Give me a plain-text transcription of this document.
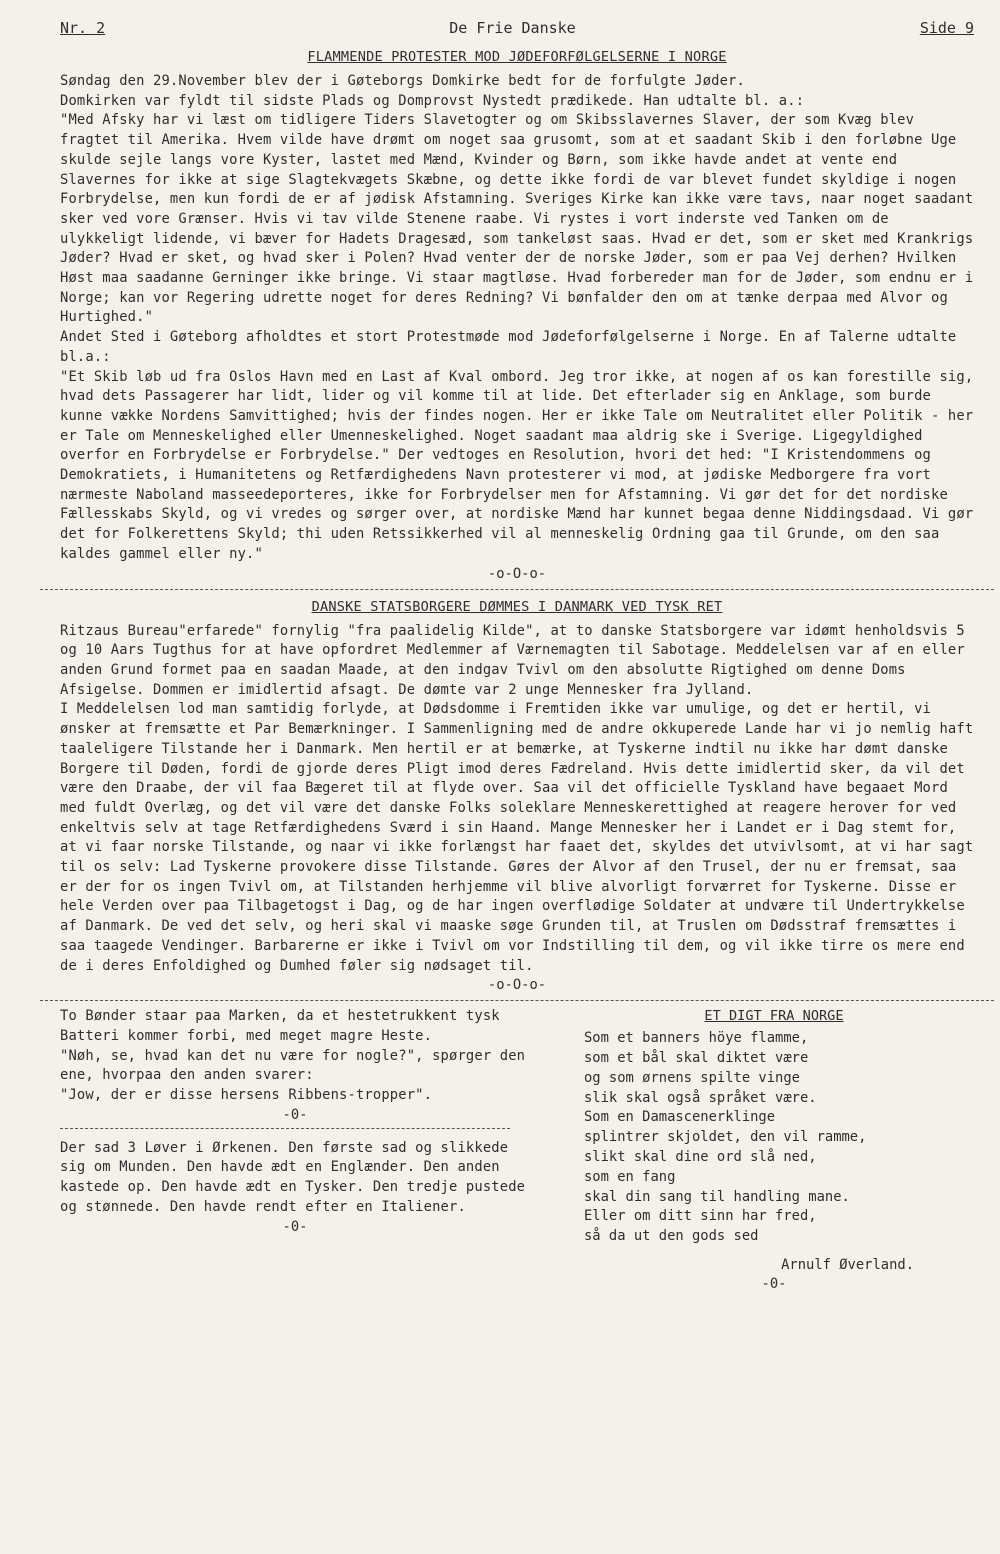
Nr. 2	De Frie Danske	Side 9
FLAMMENDE PROTESTER MOD JØDEFORFØLGELSERNE I NORGE

Søndag den 29.November blev der i Gøteborgs Domkirke bedt for de forfulgte Jøder.
Domkirken var fyldt til sidste Plads og Domprovst Nystedt prædikede. Han udtalte bl. a.:
"Med Afsky har vi læst om tidligere Tiders Slavetogter og om Skibsslavernes Slaver, der som Kvæg blev fragtet til Amerika. Hvem vilde have drømt om noget saa grusomt, som at et saadant Skib i den forløbne Uge skulde sejle langs vore Kyster, lastet med Mænd, Kvinder og Børn, som ikke havde andet at vente end Slavernes for ikke at sige Slagtekvægets Skæbne, og dette ikke fordi de var blevet fundet skyldige i nogen Forbrydelse, men kun fordi de er af jødisk Afstamning. Sveriges Kirke kan ikke være tavs, naar noget saadant sker ved vore Grænser. Hvis vi tav vilde Stenene raabe. Vi rystes i vort inderste ved Tanken om de ulykkeligt lidende, vi bæver for Hadets Dragesæd, som tankeløst saas. Hvad er det, som er sket med Krankrigs Jøder? Hvad er sket, og hvad sker i Polen? Hvad venter der de norske Jøder, som er paa Vej derhen? Hvilken Høst maa saadanne Gerninger ikke bringe. Vi staar magtløse. Hvad forbereder man for de Jøder, som endnu er i Norge; kan vor Regering udrette noget for deres Redning? Vi bønfalder den om at tænke derpaa med Alvor og Hurtighed."
Andet Sted i Gøteborg afholdtes et stort Protestmøde mod Jødeforfølgelserne i Norge. En af Talerne udtalte bl.a.:
"Et Skib løb ud fra Oslos Havn med en Last af Kval ombord. Jeg tror ikke, at nogen af os kan forestille sig, hvad dets Passagerer har lidt, lider og vil komme til at lide. Det efterlader sig en Anklage, som burde kunne vække Nordens Samvittighed; hvis der findes nogen. Her er ikke Tale om Neutralitet eller Politik - her er Tale om Menneskelighed eller Umenneskelighed. Noget saadant maa aldrig ske i Sverige. Ligegyldighed overfor en Forbrydelse er Forbrydelse." Der vedtoges en Resolution, hvori det hed: "I Kristendommens og Demokratiets, i Humanitetens og Retfærdighedens Navn protesterer vi mod, at jødiske Medborgere fra vort nærmeste Naboland masseedeporteres, ikke for Forbrydelser men for Afstamning. Vi gør det for det nordiske Fællesskabs Skyld, og vi vredes og sørger over, at nordiske Mænd har kunnet begaa denne Niddingsdaad. Vi gør det for Folkerettens Skyld; thi uden Retssikkerhed vil al menneskelig Ordning gaa til Grunde, om den saa kaldes gammel eller ny."

-o-O-o-

DANSKE STATSBORGERE DØMMES I DANMARK VED TYSK RET

Ritzaus Bureau"erfarede" fornylig "fra paalidelig Kilde", at to danske Statsborgere var idømt henholdsvis 5 og 10 Aars Tugthus for at have opfordret Medlemmer af Værnemagten til Sabotage. Meddelelsen var af en eller anden Grund formet paa en saadan Maade, at den indgav Tvivl om den absolutte Rigtighed om denne Doms Afsigelse. Dommen er imidlertid afsagt. De dømte var 2 unge Mennesker fra Jylland.
I Meddelelsen lod man samtidig forlyde, at Dødsdomme i Fremtiden ikke var umulige, og det er hertil, vi ønsker at fremsætte et Par Bemærkninger. I Sammenligning med de andre okkuperede Lande har vi jo nemlig haft taaleligere Tilstande her i Danmark. Men hertil er at bemærke, at Tyskerne indtil nu ikke har dømt danske Borgere til Døden, fordi de gjorde deres Pligt imod deres Fædreland. Hvis dette imidlertid sker, da vil det være den Draabe, der vil faa Bægeret til at flyde over. Saa vil det officielle Tyskland have begaaet Mord med fuldt Overlæg, og det vil være det danske Folks soleklare Menneskerettighed at reagere herover for ved enkeltvis selv at tage Retfærdighedens Sværd i sin Haand. Mange Mennesker her i Landet er i Dag stemt for, at vi faar norske Tilstande, og naar vi ikke forlængst har faaet det, skyldes det utvivlsomt, at vi har sagt til os selv: Lad Tyskerne provokere disse Tilstande. Gøres der Alvor af den Trusel, der nu er fremsat, saa er der for os ingen Tvivl om, at Tilstanden herhjemme vil blive alvorligt forværret for Tyskerne. Disse er hele Verden over paa Tilbagetogst i Dag, og de har ingen overflødige Soldater at undvære til Undertrykkelse af Danmark. De ved det selv, og heri skal vi maaske søge Grunden til, at Truslen om Dødsstraf fremsættes i saa taagede Vendinger. Barbarerne er ikke i Tvivl om vor Indstilling til dem, og vil ikke tirre os mere end de i deres Enfoldighed og Dumhed føler sig nødsaget til.

-o-O-o-

To Bønder staar paa Marken, da et hestetrukkent tysk Batteri kommer forbi, med meget magre Heste.
"Nøh, se, hvad kan det nu være for nogle?", spørger den ene, hvorpaa den anden svarer:
"Jow, der er disse hersens Ribbens-tropper".

-0-

Der sad 3 Løver i Ørkenen. Den første sad og slikkede sig om Munden. Den havde ædt en Englænder. Den anden kastede op. Den havde ædt en Tysker. Den tredje pustede og stønnede. Den havde rendt efter en Italiener.

-0-

ET DIGT FRA NORGE

Som et banners höye flamme,
som et bål skal diktet være
og som ørnens spilte vinge
slik skal også språket være.
Som en Damascenerklinge
splintrer skjoldet, den vil ramme,
slikt skal dine ord slå ned,
som en fang
skal din sang til handling mane.
Eller om ditt sinn har fred,
så da ut den gods sed

Arnulf Øverland.

-0-
